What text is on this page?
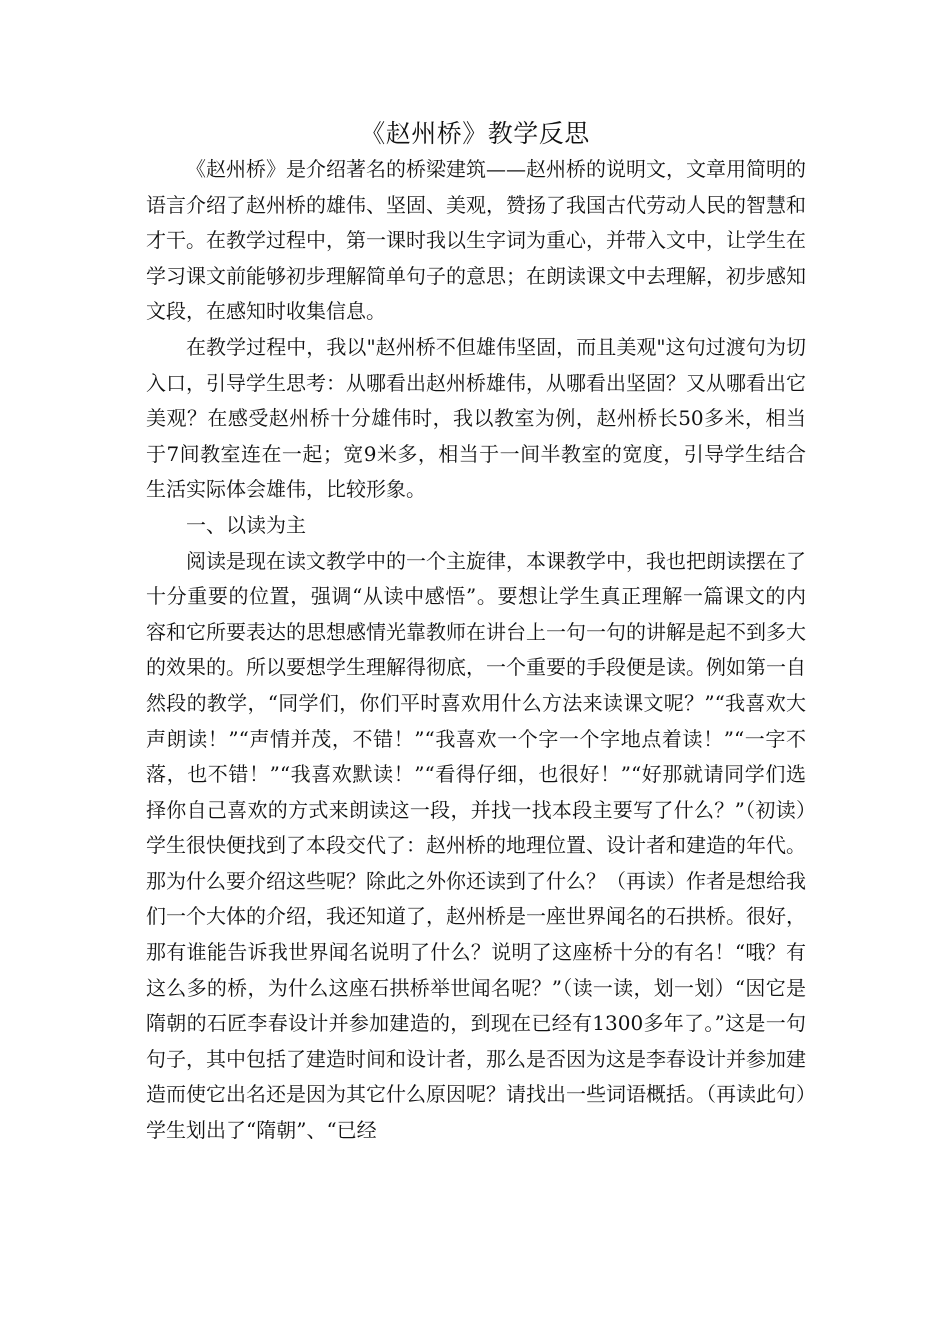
《赵州桥》教学反思

《赵州桥》是介绍著名的桥梁建筑——赵州桥的说明文，文章用简明的语言介绍了赵州桥的雄伟、坚固、美观，赞扬了我国古代劳动人民的智慧和才干。在教学过程中，第一课时我以生字词为重心，并带入文中，让学生在学习课文前能够初步理解简单句子的意思；在朗读课文中去理解，初步感知文段，在感知时收集信息。

在教学过程中，我以"赵州桥不但雄伟坚固，而且美观"这句过渡句为切入口，引导学生思考：从哪看出赵州桥雄伟，从哪看出坚固？又从哪看出它美观？在感受赵州桥十分雄伟时，我以教室为例，赵州桥长50多米，相当于7间教室连在一起；宽9米多，相当于一间半教室的宽度，引导学生结合生活实际体会雄伟，比较形象。

一、以读为主

阅读是现在读文教学中的一个主旋律，本课教学中，我也把朗读摆在了十分重要的位置，强调“从读中感悟”。要想让学生真正理解一篇课文的内容和它所要表达的思想感情光靠教师在讲台上一句一句的讲解是起不到多大的效果的。所以要想学生理解得彻底，一个重要的手段便是读。例如第一自然段的教学，“同学们，你们平时喜欢用什么方法来读课文呢？”“我喜欢大声朗读！”“声情并茂，不错！”“我喜欢一个字一个字地点着读！”“一字不落，也不错！”“我喜欢默读！”“看得仔细，也很好！”“好那就请同学们选择你自己喜欢的方式来朗读这一段，并找一找本段主要写了什么？”（初读）学生很快便找到了本段交代了：赵州桥的地理位置、设计者和建造的年代。那为什么要介绍这些呢？除此之外你还读到了什么？（再读）作者是想给我们一个大体的介绍，我还知道了，赵州桥是一座世界闻名的石拱桥。很好，那有谁能告诉我世界闻名说明了什么？说明了这座桥十分的有名！“哦？有这么多的桥，为什么这座石拱桥举世闻名呢？”（读一读，划一划）“因它是隋朝的石匠李春设计并参加建造的，到现在已经有1300多年了。”这是一句句子，其中包括了建造时间和设计者，那么是否因为这是李春设计并参加建造而使它出名还是因为其它什么原因呢？请找出一些词语概括。（再读此句）学生划出了“隋朝”、“已经
